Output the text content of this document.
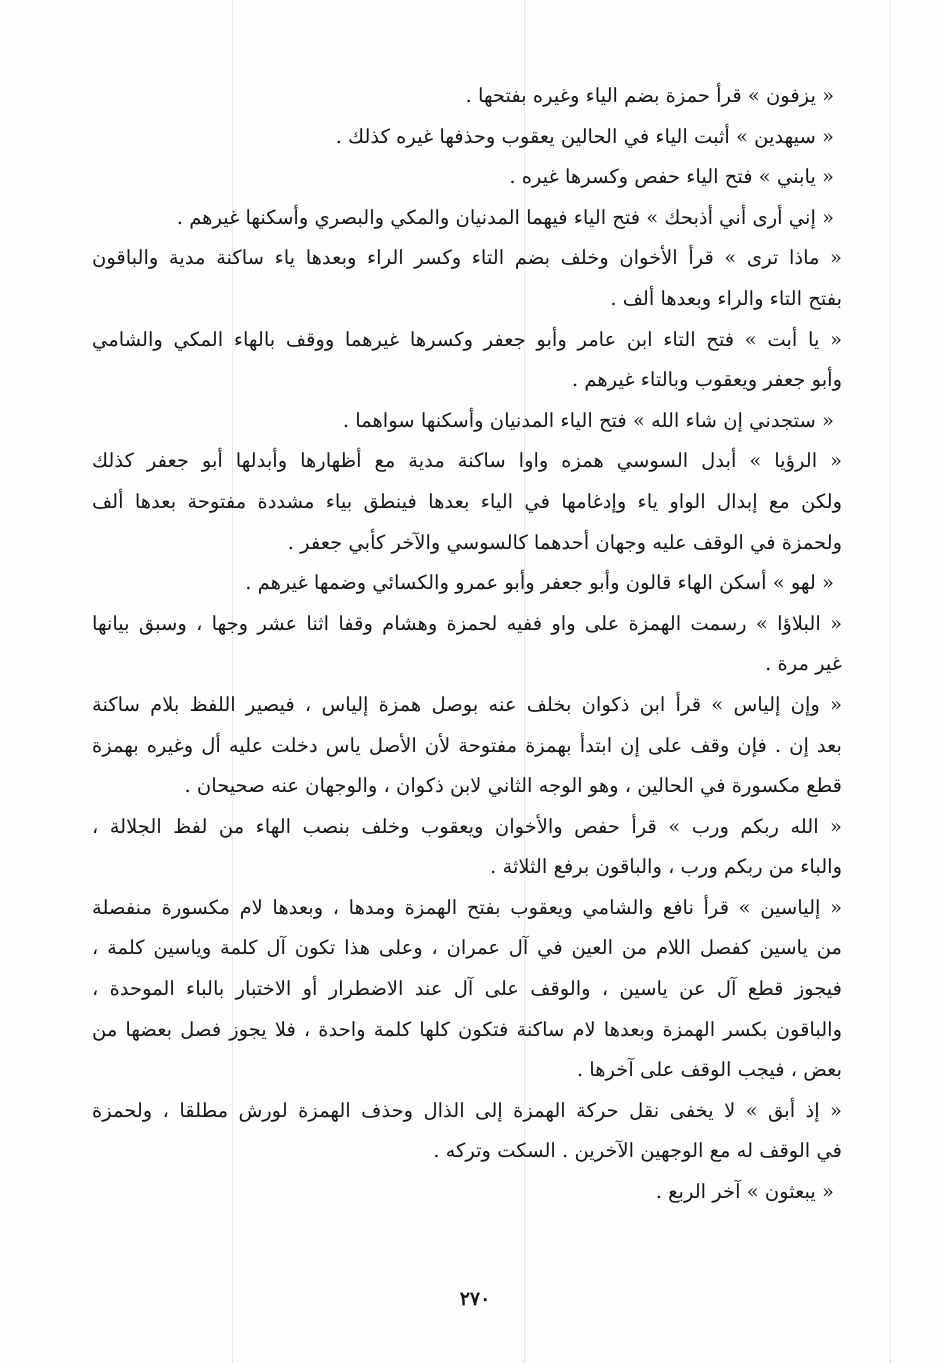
« يزفون » قرأ حمزة بضم الياء وغيره بفتحها .
« سيهدين » أثبت الياء في الحالين يعقوب وحذفها غيره كذلك .
« يابني » فتح الياء حفص وكسرها غيره .
« إني أرى أني أذبحك » فتح الياء فيهما المدنيان والمكي والبصري وأسكنها غيرهم .
« ماذا ترى » قرأ الأخوان وخلف بضم التاء وكسر الراء وبعدها ياء ساكنة مدية والباقون
بفتح التاء والراء وبعدها ألف .
« يا أبت » فتح التاء ابن عامر وأبو جعفر وكسرها غيرهما ووقف بالهاء المكي والشامي
وأبو جعفر ويعقوب وبالتاء غيرهم .
« ستجدني إن شاء الله » فتح الياء المدنيان وأسكنها سواهما .
« الرؤيا » أبدل السوسي همزه واوا ساكنة مدية مع أظهارها وأبدلها أبو جعفر كذلك
ولكن مع إبدال الواو ياء وإدغامها في الياء بعدها فينطق بياء مشددة مفتوحة بعدها ألف
ولحمزة في الوقف عليه وجهان أحدهما كالسوسي والآخر كأبي جعفر .
« لهو » أسكن الهاء قالون وأبو جعفر وأبو عمرو والكسائي وضمها غيرهم .
« البلاؤا » رسمت الهمزة على واو ففيه لحمزة وهشام وقفا اثنا عشر وجها ، وسبق بيانها
غير مرة .
« وإن إلياس » قرأ ابن ذكوان بخلف عنه بوصل همزة إلياس ، فيصير اللفظ بلام ساكنة
بعد إن . فإن وقف على إن ابتدأ بهمزة مفتوحة لأن الأصل ياس دخلت عليه أل وغيره بهمزة
قطع مكسورة في الحالين ، وهو الوجه الثاني لابن ذكوان ، والوجهان عنه صحيحان .
« الله ربكم ورب » قرأ حفص والأخوان ويعقوب وخلف بنصب الهاء من لفظ الجلالة ،
والباء من ربكم ورب ، والباقون برفع الثلاثة .
« إلياسين » قرأ نافع والشامي ويعقوب بفتح الهمزة ومدها ، وبعدها لام مكسورة منفصلة
من ياسين كفصل اللام من العين في آل عمران ، وعلى هذا تكون آل كلمة وياسين كلمة ،
فيجوز قطع آل عن ياسين ، والوقف على آل عند الاضطرار أو الاختبار بالباء الموحدة ،
والباقون بكسر الهمزة وبعدها لام ساكنة فتكون كلها كلمة واحدة ، فلا يجوز فصل بعضها من
بعض ، فيجب الوقف على آخرها .
« إذ أبق » لا يخفى نقل حركة الهمزة إلى الذال وحذف الهمزة لورش مطلقا ، ولحمزة
في الوقف له مع الوجهين الآخرين . السكت وتركه .
« يبعثون » آخر الربع .
٢٧٠
